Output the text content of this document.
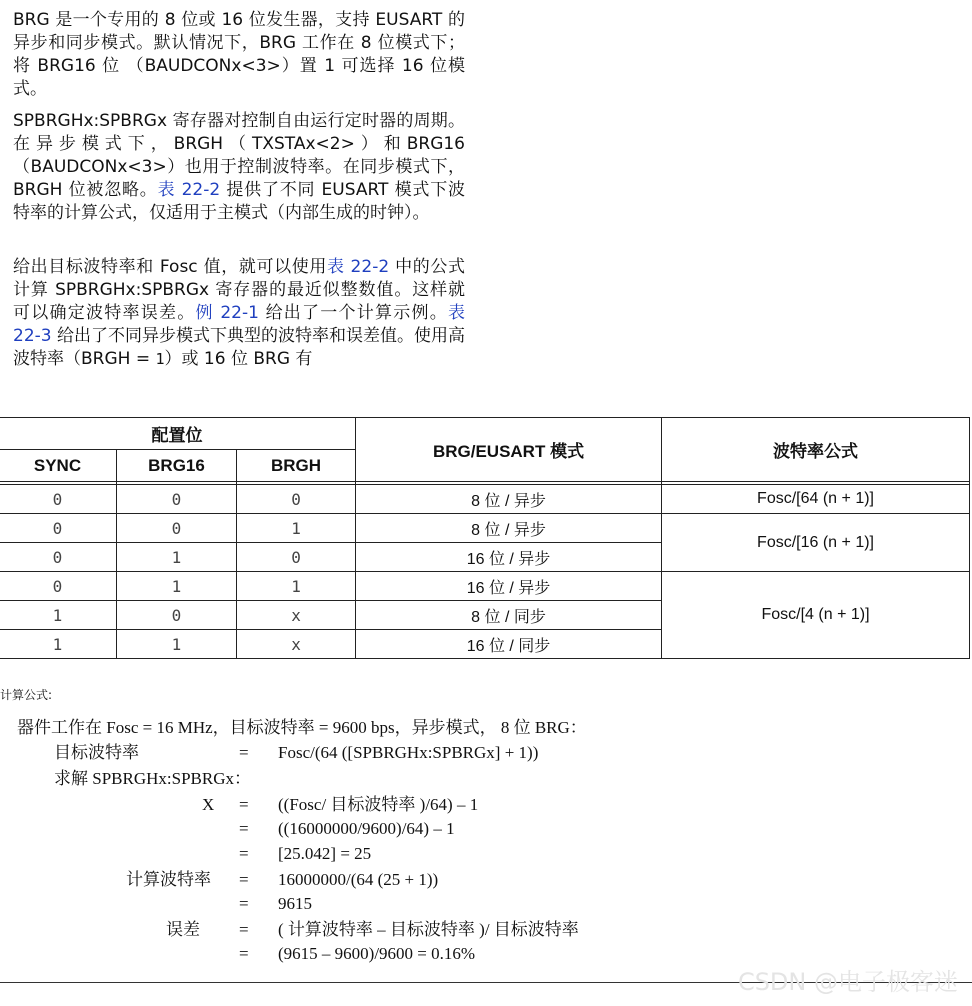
BRG 是一个专用的 8 位或 16 位发生器，支持 EUSART 的异步和同步模式。默认情况下，BRG 工作在 8 位模式下；将 BRG16 位 （BAUDCONx<3>）置 1 可选择 16 位模式。

SPBRGHx:SPBRGx 寄存器对控制自由运行定时器的周期。在异步模式下，BRGH（TXSTAx<2>）和BRG16（BAUDCONx<3>）也用于控制波特率。在同步模式下，BRGH 位被忽略。表 22-2 提供了不同 EUSART 模式下波特率的计算公式，仅适用于主模式（内部生成的时钟）。

给出目标波特率和 Fosc 值，就可以使用表 22-2 中的公式计算 SPBRGHx:SPBRGx 寄存器的最近似整数值。这样就可以确定波特率误差。例 22-1 给出了一个计算示例。表 22-3 给出了不同异步模式下典型的波特率和误差值。使用高波特率（BRGH = 1）或 16 位 BRG 有

配置位			BRG/EUSART 模式	波特率公式
SYNC	BRG16	BRGH		

0	0	0	8 位 / 异步	Fosc/[64 (n + 1)]
0	0	1	8 位 / 异步	Fosc/[16 (n + 1)]
0	1	0	16 位 / 异步	
0	1	1	16 位 / 异步	Fosc/[4 (n + 1)]
1	0	x	8 位 / 同步	
1	1	x	16 位 / 同步	
计算公式:
器件工作在 Fosc = 16 MHz，目标波特率 = 9600 bps，异步模式， 8 位 BRG：
目标波特率	= Fosc/(64 ([SPBRGHx:SPBRGx] + 1))
求解 SPBRGHx:SPBRGx：
X = ((Fosc/ 目标波特率 )/64) – 1
= ((16000000/9600)/64) – 1
= [25.042] = 25
计算波特率 = 16000000/(64 (25 + 1))
= 9615
误差 = ( 计算波特率 – 目标波特率 )/ 目标波特率
= (9615 – 9600)/9600 = 0.16%
CSDN @电子极客迷
